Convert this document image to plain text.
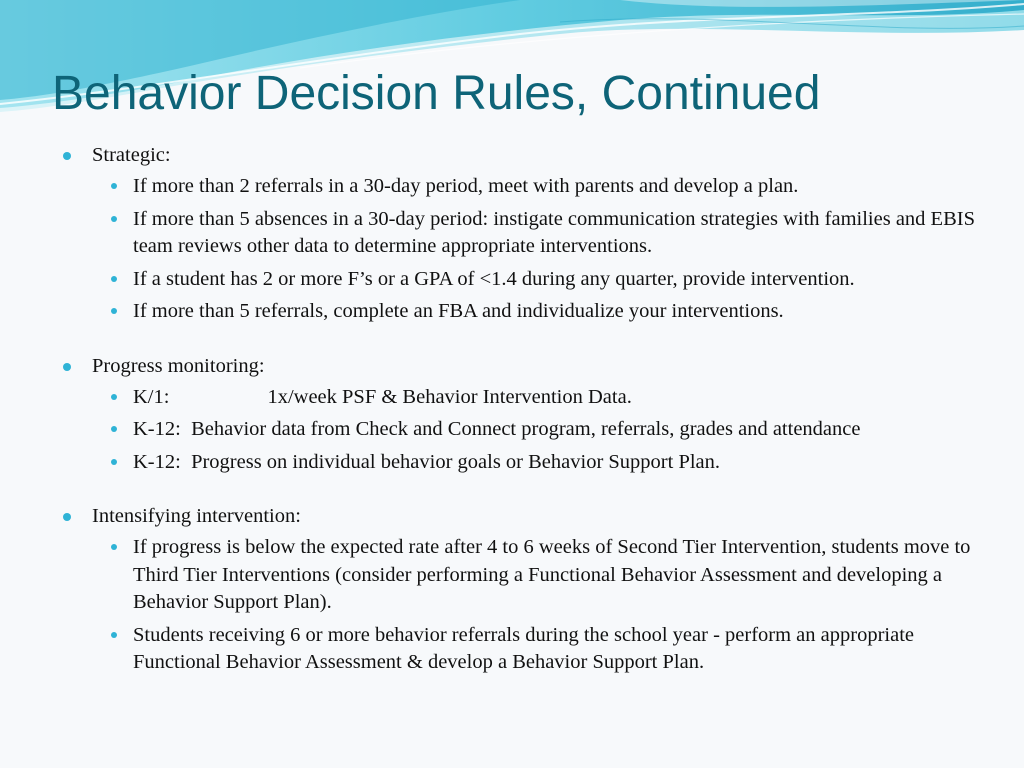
Behavior Decision Rules, Continued
Strategic:
If more than 2 referrals in a 30-day period, meet with parents and develop a plan.
If more than 5 absences in a 30-day period: instigate communication strategies with families and EBIS team reviews other data to determine appropriate interventions.
If a student has 2 or more F’s or a GPA of <1.4 during any quarter, provide intervention.
If more than 5 referrals, complete an FBA and individualize your interventions.
Progress monitoring:
K/1:	1x/week PSF & Behavior Intervention Data.
K-12:  Behavior data from Check and Connect program, referrals, grades and attendance
K-12:  Progress on individual behavior goals or Behavior Support Plan.
Intensifying intervention:
If progress is below the expected rate after 4 to 6 weeks of Second Tier Intervention, students move to Third Tier Interventions (consider performing a Functional Behavior Assessment and developing a Behavior Support Plan).
Students receiving 6 or more behavior referrals during the school year - perform an appropriate Functional Behavior Assessment & develop a Behavior Support Plan.
